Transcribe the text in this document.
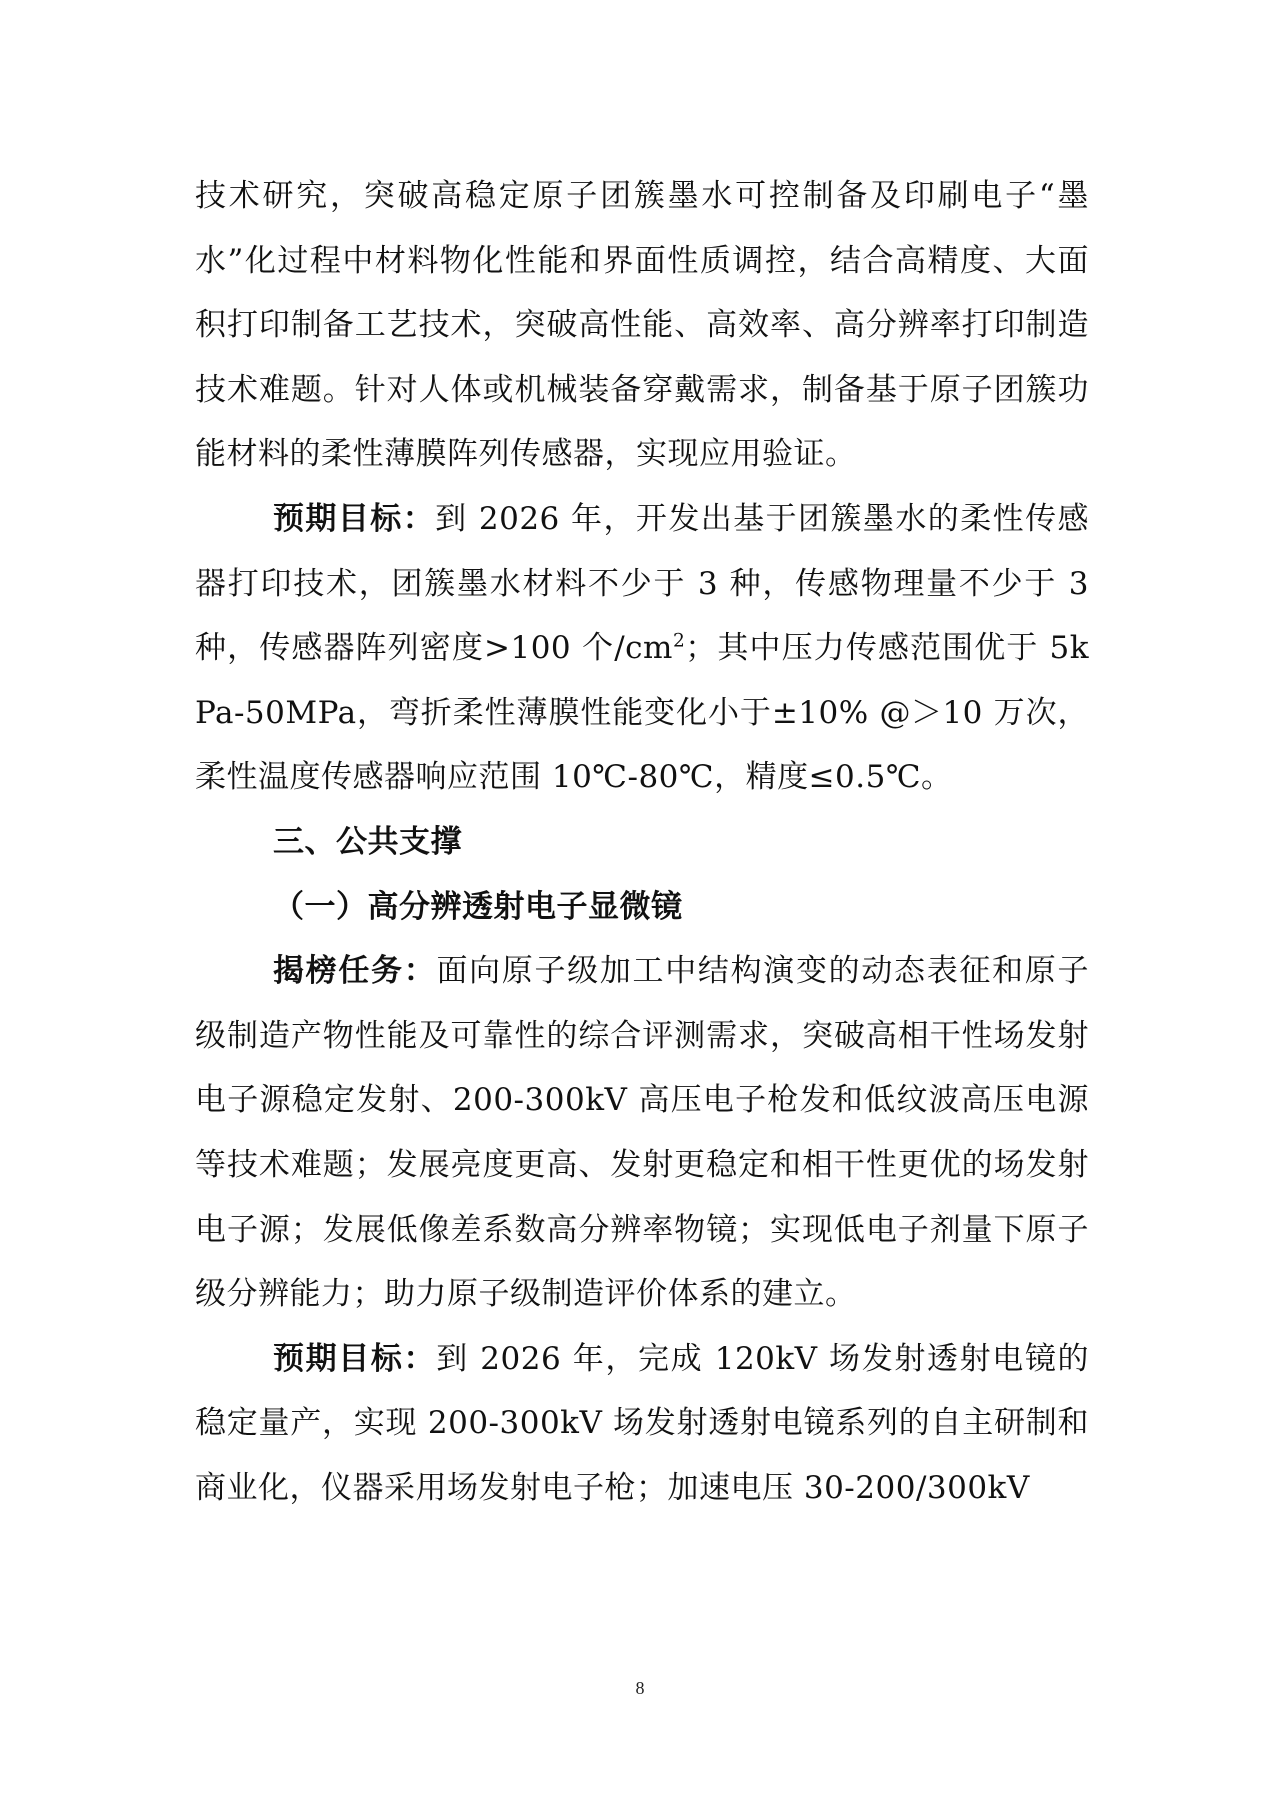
技术研究，突破高稳定原子团簇墨水可控制备及印刷电子“墨水”化过程中材料物化性能和界面性质调控，结合高精度、大面积打印制备工艺技术，突破高性能、高效率、高分辨率打印制造技术难题。针对人体或机械装备穿戴需求，制备基于原子团簇功能材料的柔性薄膜阵列传感器，实现应用验证。

预期目标：到 2026 年，开发出基于团簇墨水的柔性传感器打印技术，团簇墨水材料不少于 3 种，传感物理量不少于 3 种，传感器阵列密度>100 个$/cm^2$；其中压力传感范围优于 5kPa-50MPa，弯折柔性薄膜性能变化小于±10% @＞10 万次，柔性温度传感器响应范围 10℃-80℃，精度≤0.5℃。

三、公共支撑

（一）高分辨透射电子显微镜

揭榜任务：面向原子级加工中结构演变的动态表征和原子级制造产物性能及可靠性的综合评测需求，突破高相干性场发射电子源稳定发射、200-300kV 高压电子枪发和低纹波高压电源等技术难题；发展亮度更高、发射更稳定和相干性更优的场发射电子源；发展低像差系数高分辨率物镜；实现低电子剂量下原子级分辨能力；助力原子级制造评价体系的建立。

预期目标：到 2026 年，完成 120kV 场发射透射电镜的稳定量产，实现 200-300kV 场发射透射电镜系列的自主研制和商业化，仪器采用场发射电子枪；加速电压 30-200/300kV

8
